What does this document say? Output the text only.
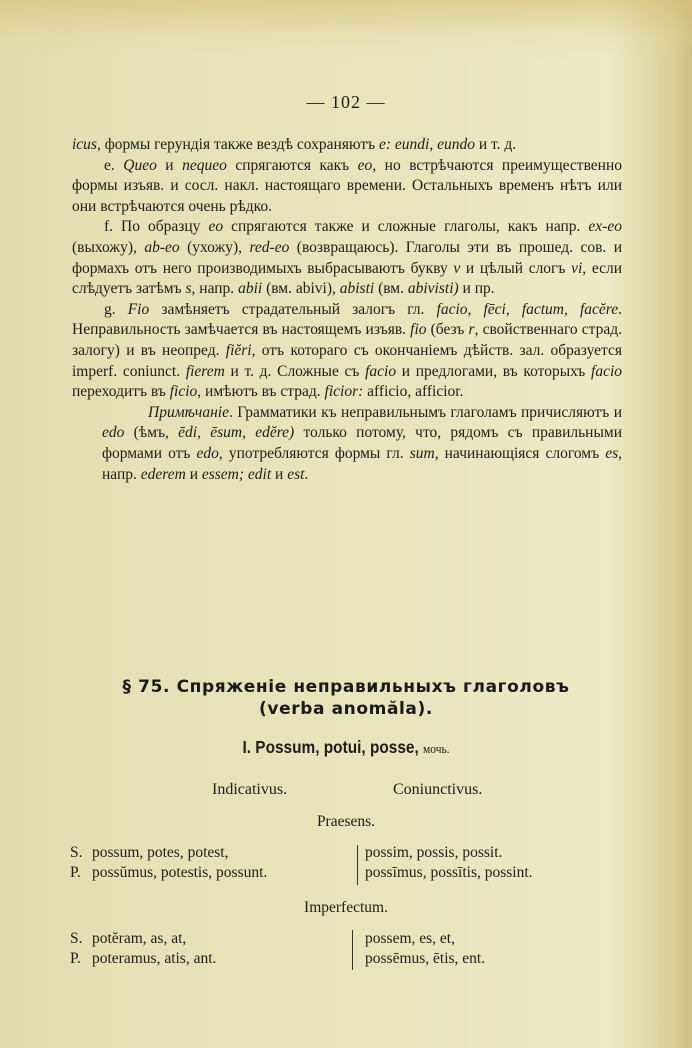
— 102 —

icus, формы герундія также вездѣ сохраняютъ e: eundi, eundo и т. д.

e. Queo и nequeo спрягаются какъ eo, но встрѣчаются преимущественно формы изъяв. и сосл. накл. настоящаго времени. Остальныхъ временъ нѣтъ или они встрѣчаются очень рѣдко.

f. По образцу eo спрягаются также и сложные глаголы, какъ напр. ex-eo (выхожу), ab-eo (ухожу), red-eo (возвращаюсь). Глаголы эти въ прошед. сов. и формахъ отъ него производимыхъ выбрасываютъ букву v и цѣлый слогъ vi, если слѣдуетъ затѣмъ s, напр. abii (вм. abivi), abisti (вм. abivisti) и пр.

g. Fio замѣняетъ страдательный залогъ гл. facio, fēci, factum, facĕre. Неправильность замѣчается въ настоящемъ изъяв. fio (безъ r, свойственнаго страд. залогу) и въ неопред. fiĕri, отъ котораго съ окончаніемъ дѣйств. зал. образуется imperf. coniunct. fierem и т. д. Сложные съ facio и предлогами, въ которыхъ facio переходитъ въ ficio, имѣютъ въ страд. ficior: afficio, afficior.

Примѣчаніе. Грамматики къ неправильнымъ глаголамъ причисляютъ и edo (ѣмъ, ēdi, ēsum, edĕre) только потому, что, рядомъ съ правильными формами отъ edo, употребляются формы гл. sum, начинающіяся слогомъ es, напр. ederem и essem; edit и est.

§ 75. Спряженіе неправильныхъ глаголовъ
(verba anomăla).
I. Possum, potui, posse, мочь.
Indicativus.	Coniunctivus.
Praesens.
S. possum, potes, potest,
P. possŭmus, potestis, possunt.
possim, possis, possit.
possīmus, possītis, possint.
Imperfectum.
S. potĕram, as, at,
P. poteramus, atis, ant.
possem, es, et,
possēmus, ētis, ent.
